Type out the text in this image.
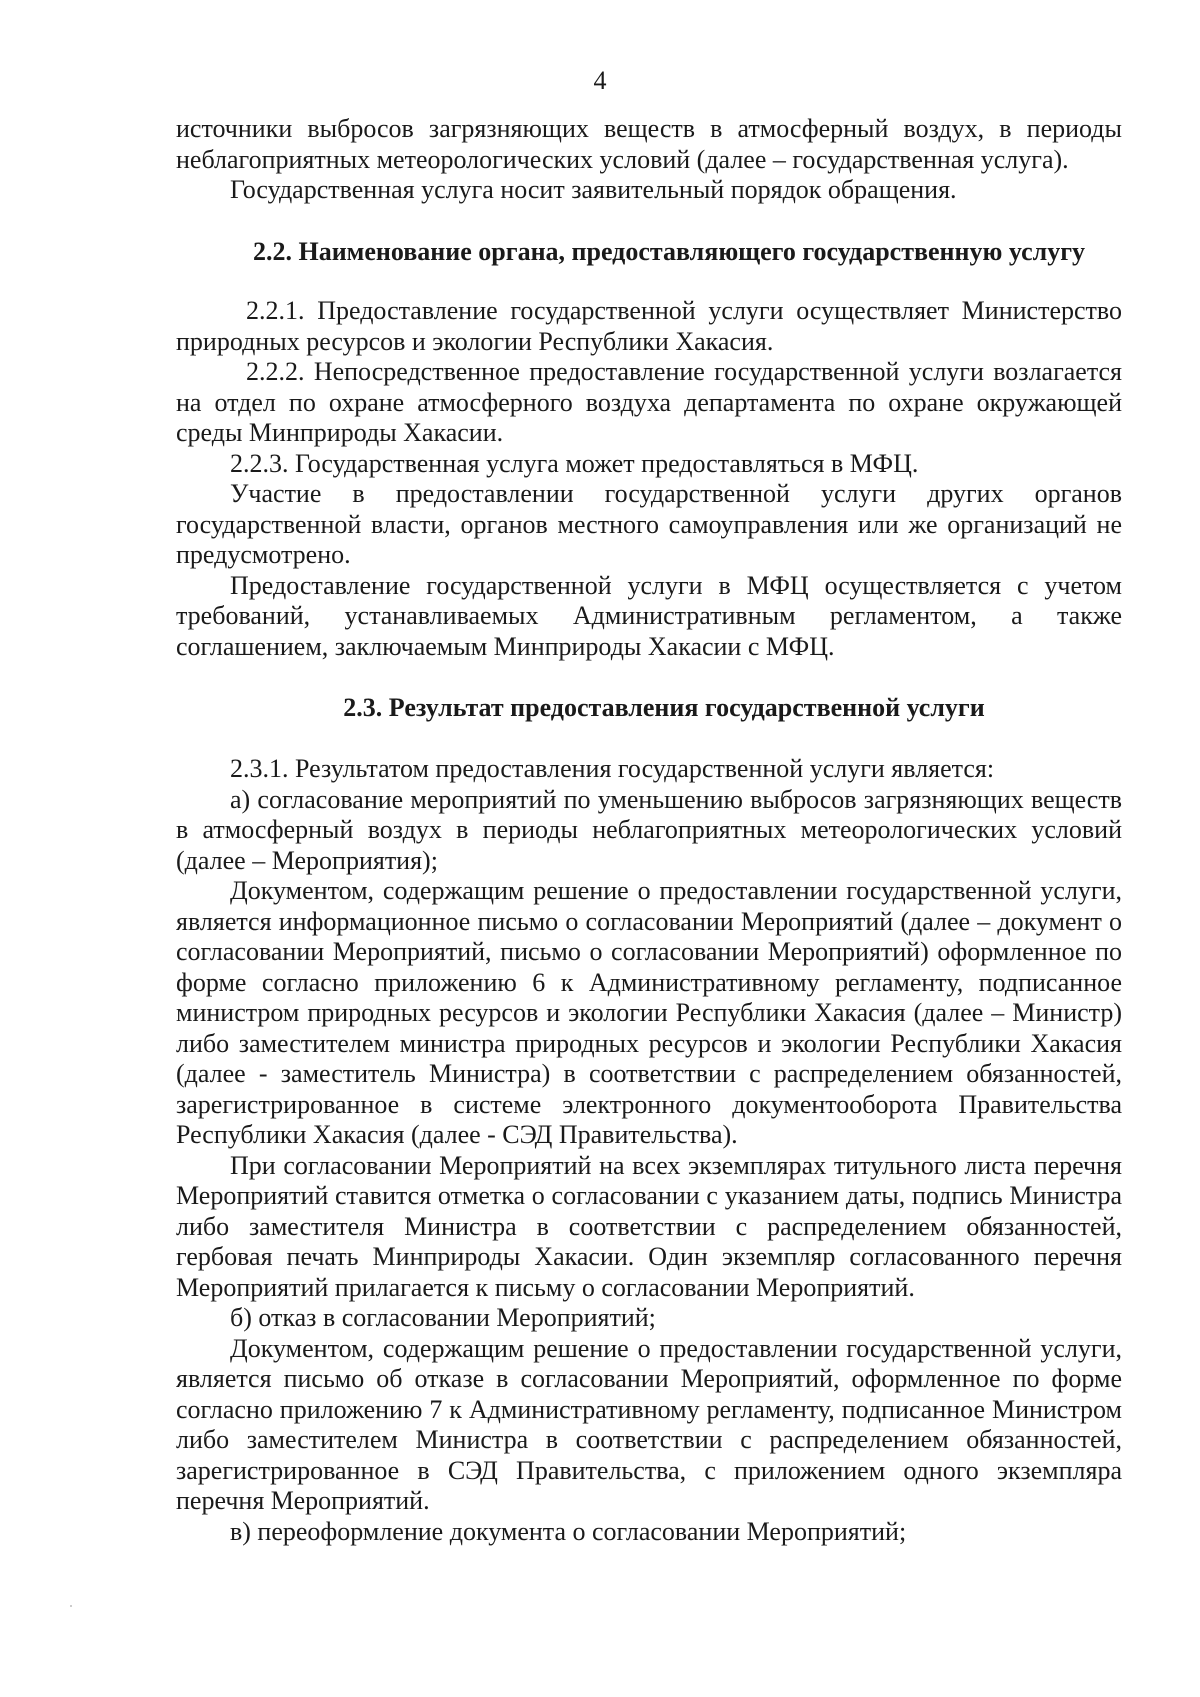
4

источники выбросов загрязняющих веществ в атмосферный воздух, в периоды неблагоприятных метеорологических условий (далее – государственная услуга).

Государственная услуга носит заявительный порядок обращения.

2.2. Наименование органа, предоставляющего государственную услугу

2.2.1. Предоставление государственной услуги осуществляет Министерство природных ресурсов и экологии Республики Хакасия.

2.2.2. Непосредственное предоставление государственной услуги возлагается на отдел по охране атмосферного воздуха департамента по охране окружающей среды Минприроды Хакасии.

2.2.3. Государственная услуга может предоставляться в МФЦ.

Участие в предоставлении государственной услуги других органов государственной власти, органов местного самоуправления или же организаций не предусмотрено.

Предоставление государственной услуги в МФЦ осуществляется с учетом требований, устанавливаемых Административным регламентом, а также соглашением, заключаемым Минприроды Хакасии с МФЦ.

2.3. Результат предоставления государственной услуги

2.3.1. Результатом предоставления государственной услуги является:

а) согласование мероприятий по уменьшению выбросов загрязняющих веществ в атмосферный воздух в периоды неблагоприятных метеорологических условий (далее – Мероприятия);

Документом, содержащим решение о предоставлении государственной услуги, является информационное письмо о согласовании Мероприятий (далее – документ о согласовании Мероприятий, письмо о согласовании Мероприятий) оформленное по форме согласно приложению 6 к Административному регламенту, подписанное министром природных ресурсов и экологии Республики Хакасия (далее – Министр) либо заместителем министра природных ресурсов и экологии Республики Хакасия (далее - заместитель Министра) в соответствии с распределением обязанностей, зарегистрированное в системе электронного документооборота Правительства Республики Хакасия (далее - СЭД Правительства).

При согласовании Мероприятий на всех экземплярах титульного листа перечня Мероприятий ставится отметка о согласовании с указанием даты, подпись Министра либо заместителя Министра в соответствии с распределением обязанностей, гербовая печать Минприроды Хакасии. Один экземпляр согласованного перечня Мероприятий прилагается к письму о согласовании Мероприятий.

б) отказ в согласовании Мероприятий;

Документом, содержащим решение о предоставлении государственной услуги, является письмо об отказе в согласовании Мероприятий, оформленное по форме согласно приложению 7 к Административному регламенту, подписанное Министром либо заместителем Министра в соответствии с распределением обязанностей, зарегистрированное в СЭД Правительства, с приложением одного экземпляра перечня Мероприятий.

в) переоформление документа о согласовании Мероприятий;
